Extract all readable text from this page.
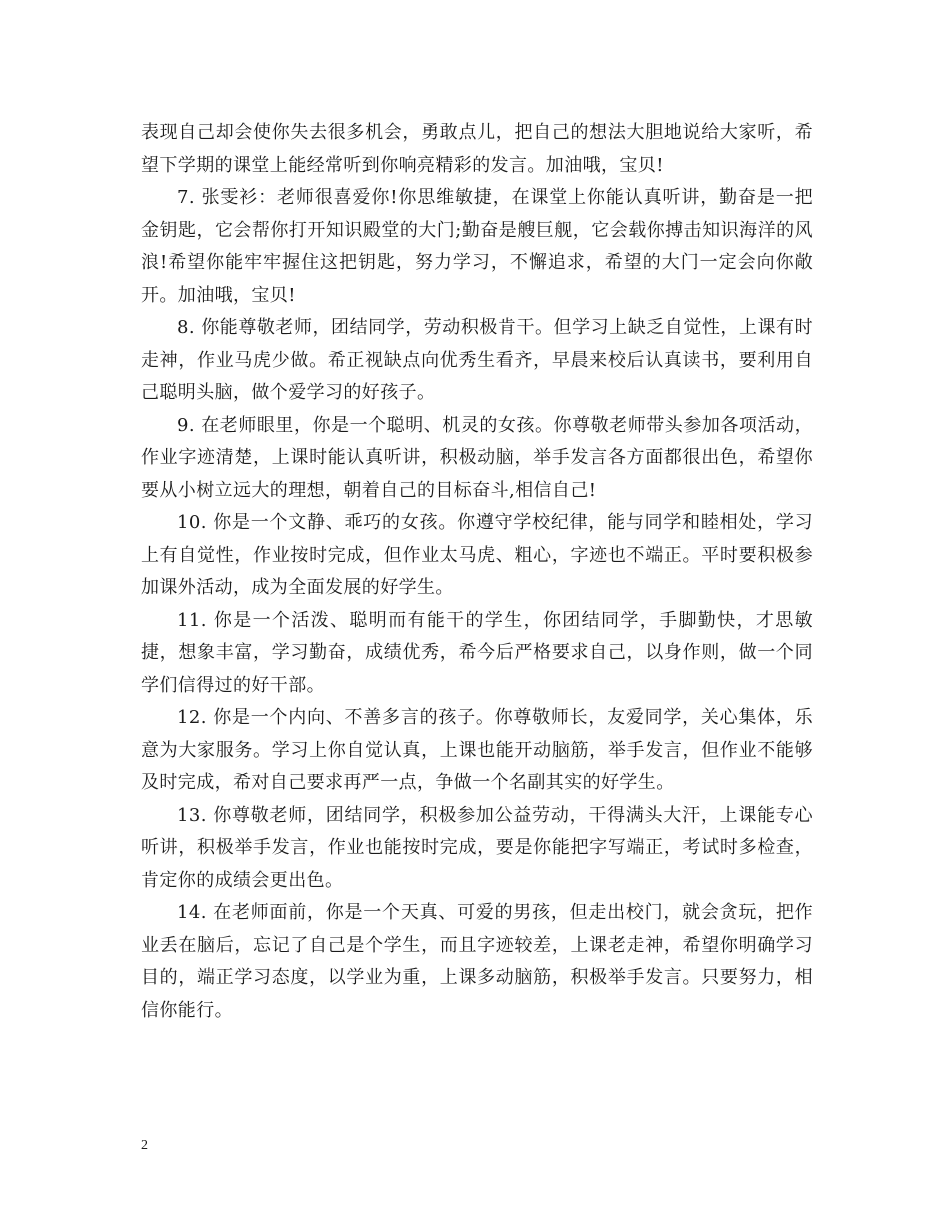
表现自己却会使你失去很多机会，勇敢点儿，把自己的想法大胆地说给大家听，希望下学期的课堂上能经常听到你响亮精彩的发言。加油哦，宝贝!

7. 张雯衫：老师很喜爱你!你思维敏捷，在课堂上你能认真听讲，勤奋是一把金钥匙，它会帮你打开知识殿堂的大门;勤奋是艘巨舰，它会载你搏击知识海洋的风浪!希望你能牢牢握住这把钥匙，努力学习，不懈追求，希望的大门一定会向你敞开。加油哦，宝贝!

8. 你能尊敬老师，团结同学，劳动积极肯干。但学习上缺乏自觉性，上课有时走神，作业马虎少做。希正视缺点向优秀生看齐，早晨来校后认真读书，要利用自己聪明头脑，做个爱学习的好孩子。

9. 在老师眼里，你是一个聪明、机灵的女孩。你尊敬老师带头参加各项活动，作业字迹清楚，上课时能认真听讲，积极动脑，举手发言各方面都很出色，希望你要从小树立远大的理想，朝着自己的目标奋斗,相信自己!

10. 你是一个文静、乖巧的女孩。你遵守学校纪律，能与同学和睦相处，学习上有自觉性，作业按时完成，但作业太马虎、粗心，字迹也不端正。平时要积极参加课外活动，成为全面发展的好学生。

11. 你是一个活泼、聪明而有能干的学生，你团结同学，手脚勤快，才思敏捷，想象丰富，学习勤奋，成绩优秀，希今后严格要求自己，以身作则，做一个同学们信得过的好干部。

12. 你是一个内向、不善多言的孩子。你尊敬师长，友爱同学，关心集体，乐意为大家服务。学习上你自觉认真，上课也能开动脑筋，举手发言，但作业不能够及时完成，希对自己要求再严一点，争做一个名副其实的好学生。

13. 你尊敬老师，团结同学，积极参加公益劳动，干得满头大汗，上课能专心听讲，积极举手发言，作业也能按时完成，要是你能把字写端正，考试时多检查，肯定你的成绩会更出色。

14. 在老师面前，你是一个天真、可爱的男孩，但走出校门，就会贪玩，把作业丢在脑后，忘记了自己是个学生，而且字迹较差，上课老走神，希望你明确学习目的，端正学习态度，以学业为重，上课多动脑筋，积极举手发言。只要努力，相信你能行。

2
